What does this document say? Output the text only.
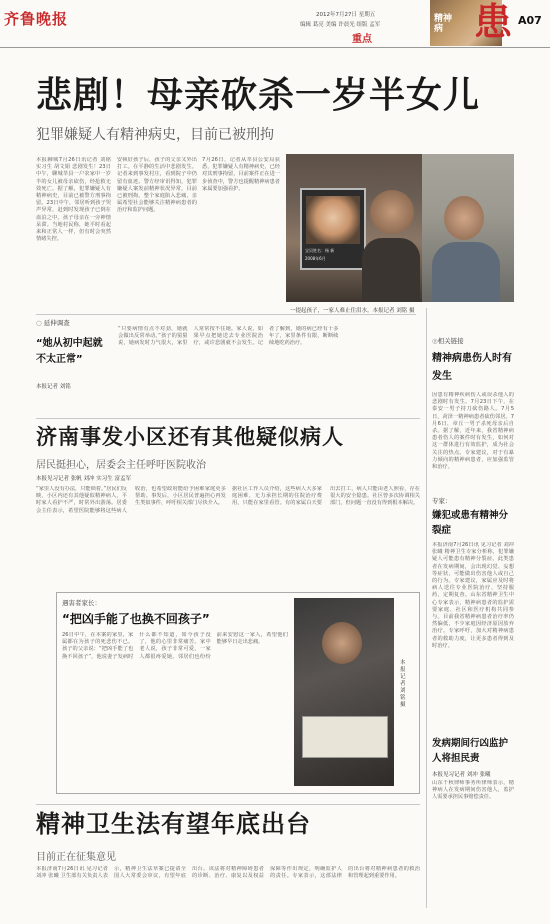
齐鲁晚报	2012年7月27日 星期五
编辑 葛亮 美编 许晨光 组版 孟军
重点
精神病 患 A07
悲剧！母亲砍杀一岁半女儿
犯罪嫌疑人有精神病史，目前已被刑拘
本报聊城7月26日讯记者 刘铭 实习生 胡文娟 悲剧发生！23日中午，聊城莘县一户农家中一岁半的女儿被母亲砍伤，经抢救无效死亡。据了解，犯罪嫌疑人有精神病史，目前已被警方刑事拘留。23日中午，邻居听到孩子哭声异常，赶到时发现孩子已倒在血泊之中。孩子母亲在一旁神情呆滞。当地村民称，她平时看起来和正常人一样，但有时会突然情绪失控。
安顿好孩子后，孩子的父亲又外出打工。在平静的生活中悲剧发生。记者来到事发村庄，看到院子中仍留有血迹。警方经审讯得知，犯罪嫌疑人案发前精神状况异常，目前已被刑拘。整个家庭陷入悲痛，亲属希望社会能够关注精神病患者的治疗和监护问题。
7月26日，记者从莘县公安局获悉，犯罪嫌疑人有精神病史，已经对其刑事拘留，目前案件正在进一步侦查中，警方也提醒精神病患者家属要加强看护。
宝贝姓名：杨 新
2008年6月
一提起孩子，一家人难止住泪水。本报记者 刘铭 摄
○ 延伸调查
“她从初中起就不太正常”
本报记者 刘铭
“只要病情有点不对劲，她就会做出反常举动。”孩子的舅舅说，她病发时力气很大，家里人常常按不住她。家人说，如果早点把她送去专业医院治疗，或许悲剧就不会发生。记者了解到，她的病已经有十多年了，家里条件有限，断断续续地吃药治疗。	◎相关链接
精神病患伤人时有发生
因患有精神疾病伤人或误杀他人的悲剧时有发生。7月23日下午，在泰安一男子持刀砍伤路人。7月5日，菏泽一精神病患者砍伤邻居。7月6日，章丘一男子杀死母亲后自杀。据了解，近年来，我省精神病患者伤人的案件时有发生，如何对这一群体进行有效监护，成为社会关注的热点。专家建议，对于有暴力倾向的精神病患者，应加强监管和治疗。
济南事发小区还有其他疑似病人
居民挺担心，居委会主任呼吁医院收治
本报见习记者 张帆 刘冲 实习生 富孟军
“家里人没有办法，只能锁着。”居民们反映，小区内还有其他疑似精神病人，平时家人看护不严，时常外出游荡。居委会主任表示，希望医院能够将这些病人收治，也希望政府能给予困难家庭更多帮助。事发后，小区居民普遍担心再发生类似事件，呼吁相关部门尽快介入。
据社区工作人员介绍，这些病人大多家庭困难，无力承担长期的住院治疗费用，只能在家里看管。有的家属白天要出去打工，病人只能由老人照看，存在很大的安全隐患。社区曾多次协调相关部门，但问题一直没有得到根本解决。
遇害者家长：
“把凶手能了也换不回孩子”
26日中午，在本案的家里，家属都在为孩子的死悲伤不已。孩子的父亲说：“把凶手能了也换不回孩子”，他说妻子发病时什么都不知道，如今孩子没了，他的心里非常痛苦。家中老人说，孩子非常可爱，一家人都很疼爱她。邻居们也纷纷前来安慰这一家人，希望他们能够早日走出悲痛。
本报记者 刘铭 摄
专家：
嫌犯或患有精神分裂症
本报济南7月26日讯 见习记者 刘冲 张曦 精神卫生专家分析称，犯罪嫌疑人可能患有精神分裂症。此类患者在发病期间，会出现幻觉、妄想等症状，可能做出伤害他人或自己的行为。专家建议，家属应及时将病人送往专业医院治疗，坚持服药，定期复查。山东省精神卫生中心专家表示，精神病患者的监护需要家庭、社区和医疗机构共同参与。目前我省精神病患者治疗率仍然偏低，不少家庭因经济原因放弃治疗。专家呼吁，加大对精神病患者的救助力度，让更多患者得到及时治疗。
发病期间行凶监护人将担民责
本报见习记者 刘冲 张曦
山东千秋律师事务所律师表示，精神病人在发病期间伤害他人，监护人需要承担民事赔偿责任。
精神卫生法有望年底出台
目前正在征集意见
本报济南7月26日讯 见习记者 刘冲 张曦 卫生部有关负责人表示，精神卫生法草案已提请全国人大常委会审议，有望年底出台。该法将对精神障碍患者的诊断、治疗、康复以及权益保障等作出规定，明确监护人的责任。专家表示，这部法律的出台将对精神病患者的救治和管理起到重要作用。
